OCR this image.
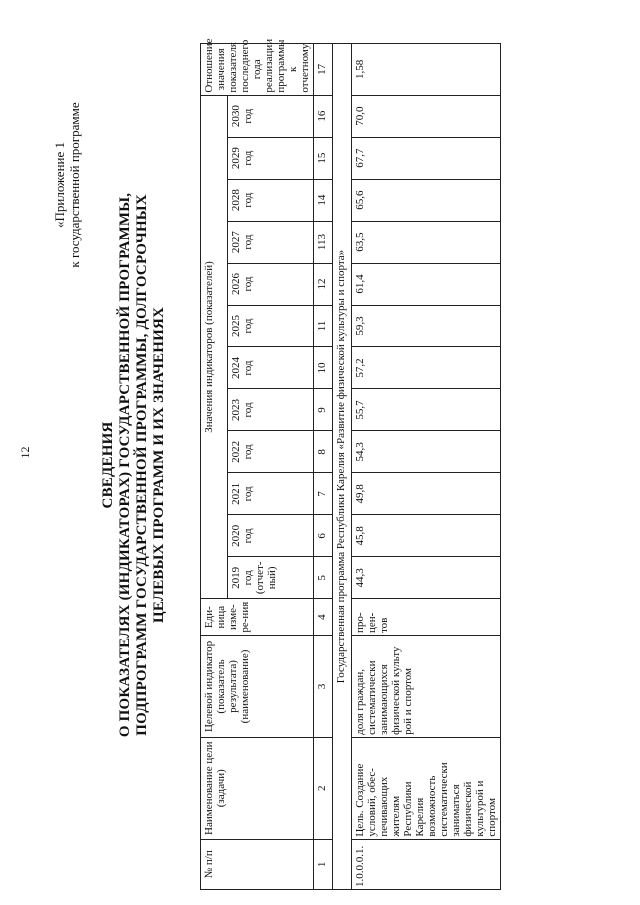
12
«Приложение 1 к государственной программе
СВЕДЕНИЯ О ПОКАЗАТЕЛЯХ (ИНДИКАТОРАХ) ГОСУДАРСТВЕННОЙ ПРОГРАММЫ, ПОДПРОГРАММ ГОСУДАРСТВЕННОЙ ПРОГРАММЫ, ДОЛГОСРОЧНЫХ ЦЕЛЕВЫХ ПРОГРАММ И ИХ ЗНАЧЕНИЯХ
№ п/п	Наименование цели (задачи)	Целевой индикатор (показатель результата) (наименование)	Еди-ница изме-ре-ния	Значения индикаторов (показателей)												Отношение значения показателя последнего года реализации программы к отчетному
				2019 год (отчет-ный)	2020 год	2021 год	2022 год	2023 год	2024 год	2025 год	2026 год	2027 год	2028 год	2029 год	2030 год	
1	2	3	4	5	6	7	8	9	10	11	12	113	14	15	16	17
Государственная программа Республики Карелия «Развитие физической культуры и спорта»																
1.0.0.0.1.	Цель. Создание условий, обес-печивающих жителям Республики Карелия возможность систематически заниматься физической культурой и спортом	доля граждан, систематически занимающихся физической культу рой и спортом	про-цен-тов	44,3	45,8	49,8	54,3	55,7	57,2	59,3	61,4	63,5	65,6	67,7	70,0	1,58
